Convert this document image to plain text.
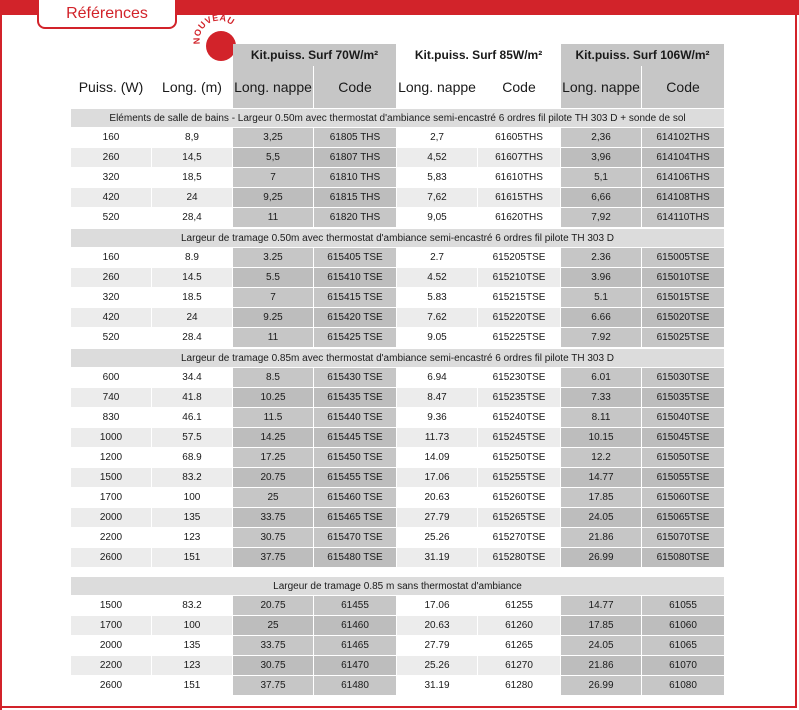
Références
NOUVEAU
		Kit.puiss. Surf 70W/m²		Kit.puiss. Surf 85W/m²		Kit.puiss. Surf 106W/m²	
Puiss. (W)	Long. (m)	Long. nappe	Code	Long. nappe	Code	Long. nappe	Code
Eléments de salle de bains - Largeur 0.50m avec thermostat d'ambiance semi-encastré 6 ordres fil pilote TH 303 D + sonde de sol							
160	8,9	3,25	61805 THS	2,7	61605THS	2,36	614102THS
260	14,5	5,5	61807 THS	4,52	61607THS	3,96	614104THS
320	18,5	7	61810 THS	5,83	61610THS	5,1	614106THS
420	24	9,25	61815 THS	7,62	61615THS	6,66	614108THS
520	28,4	11	61820 THS	9,05	61620THS	7,92	614110THS
Largeur de tramage 0.50m avec thermostat d'ambiance semi-encastré 6 ordres fil pilote TH 303 D							
160	8.9	3.25	615405 TSE	2.7	615205TSE	2.36	615005TSE
260	14.5	5.5	615410 TSE	4.52	615210TSE	3.96	615010TSE
320	18.5	7	615415 TSE	5.83	615215TSE	5.1	615015TSE
420	24	9.25	615420 TSE	7.62	615220TSE	6.66	615020TSE
520	28.4	11	615425 TSE	9.05	615225TSE	7.92	615025TSE
Largeur de tramage 0.85m avec thermostat d'ambiance semi-encastré 6 ordres fil pilote TH 303 D							
600	34.4	8.5	615430 TSE	6.94	615230TSE	6.01	615030TSE
740	41.8	10.25	615435 TSE	8.47	615235TSE	7.33	615035TSE
830	46.1	11.5	615440 TSE	9.36	615240TSE	8.11	615040TSE
1000	57.5	14.25	615445 TSE	11.73	615245TSE	10.15	615045TSE
1200	68.9	17.25	615450 TSE	14.09	615250TSE	12.2	615050TSE
1500	83.2	20.75	615455 TSE	17.06	615255TSE	14.77	615055TSE
1700	100	25	615460 TSE	20.63	615260TSE	17.85	615060TSE
2000	135	33.75	615465 TSE	27.79	615265TSE	24.05	615065TSE
2200	123	30.75	615470 TSE	25.26	615270TSE	21.86	615070TSE
2600	151	37.75	615480 TSE	31.19	615280TSE	26.99	615080TSE

Largeur de tramage 0.85 m sans thermostat d'ambiance							
1500	83.2	20.75	61455	17.06	61255	14.77	61055
1700	100	25	61460	20.63	61260	17.85	61060
2000	135	33.75	61465	27.79	61265	24.05	61065
2200	123	30.75	61470	25.26	61270	21.86	61070
2600	151	37.75	61480	31.19	61280	26.99	61080
